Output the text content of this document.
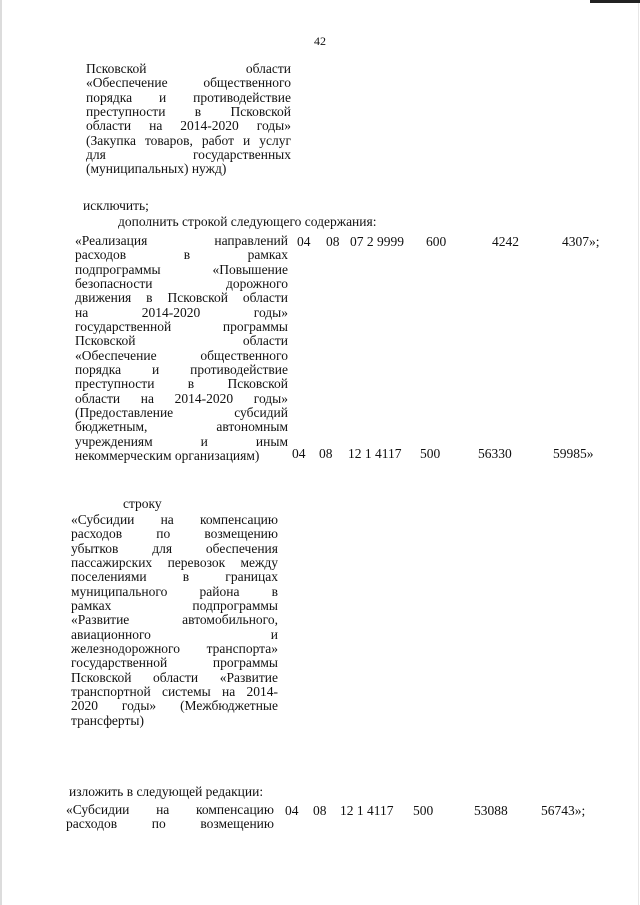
42
Псковской области
«Обеспечение общественного
порядка и противодействие
преступности в Псковской
области на 2014-2020 годы»
(Закупка товаров, работ и услуг
для государственных
(муниципальных) нужд)
исключить;
дополнить строкой следующего содержания:
«Реализация направлений
расходов в рамках
подпрограммы «Повышение
безопасности дорожного
движения в Псковской области
на 2014-2020 годы»
государственной программы
Псковской области
«Обеспечение общественного
порядка и противодействие
преступности в Псковской
области на 2014-2020 годы»
(Предоставление субсидий
бюджетным, автономным
учреждениям и иным
некоммерческим организациям)
04 08 07 2 9999 600	4242	4307»;
строку
«Субсидии на компенсацию
расходов по возмещению
убытков для обеспечения
пассажирских перевозок между
поселениями в границах
муниципального района в
рамках подпрограммы
«Развитие автомобильного,
авиационного и
железнодорожного транспорта»
государственной программы
Псковской области «Развитие
транспортной системы на 2014-
2020 годы» (Межбюджетные
трансферты)
04 08 12 1 4117 500	56330	59985»
изложить в следующей редакции:
«Субсидии на компенсацию
расходов по возмещению
04 08 12 1 4117 500	53088 56743»;
